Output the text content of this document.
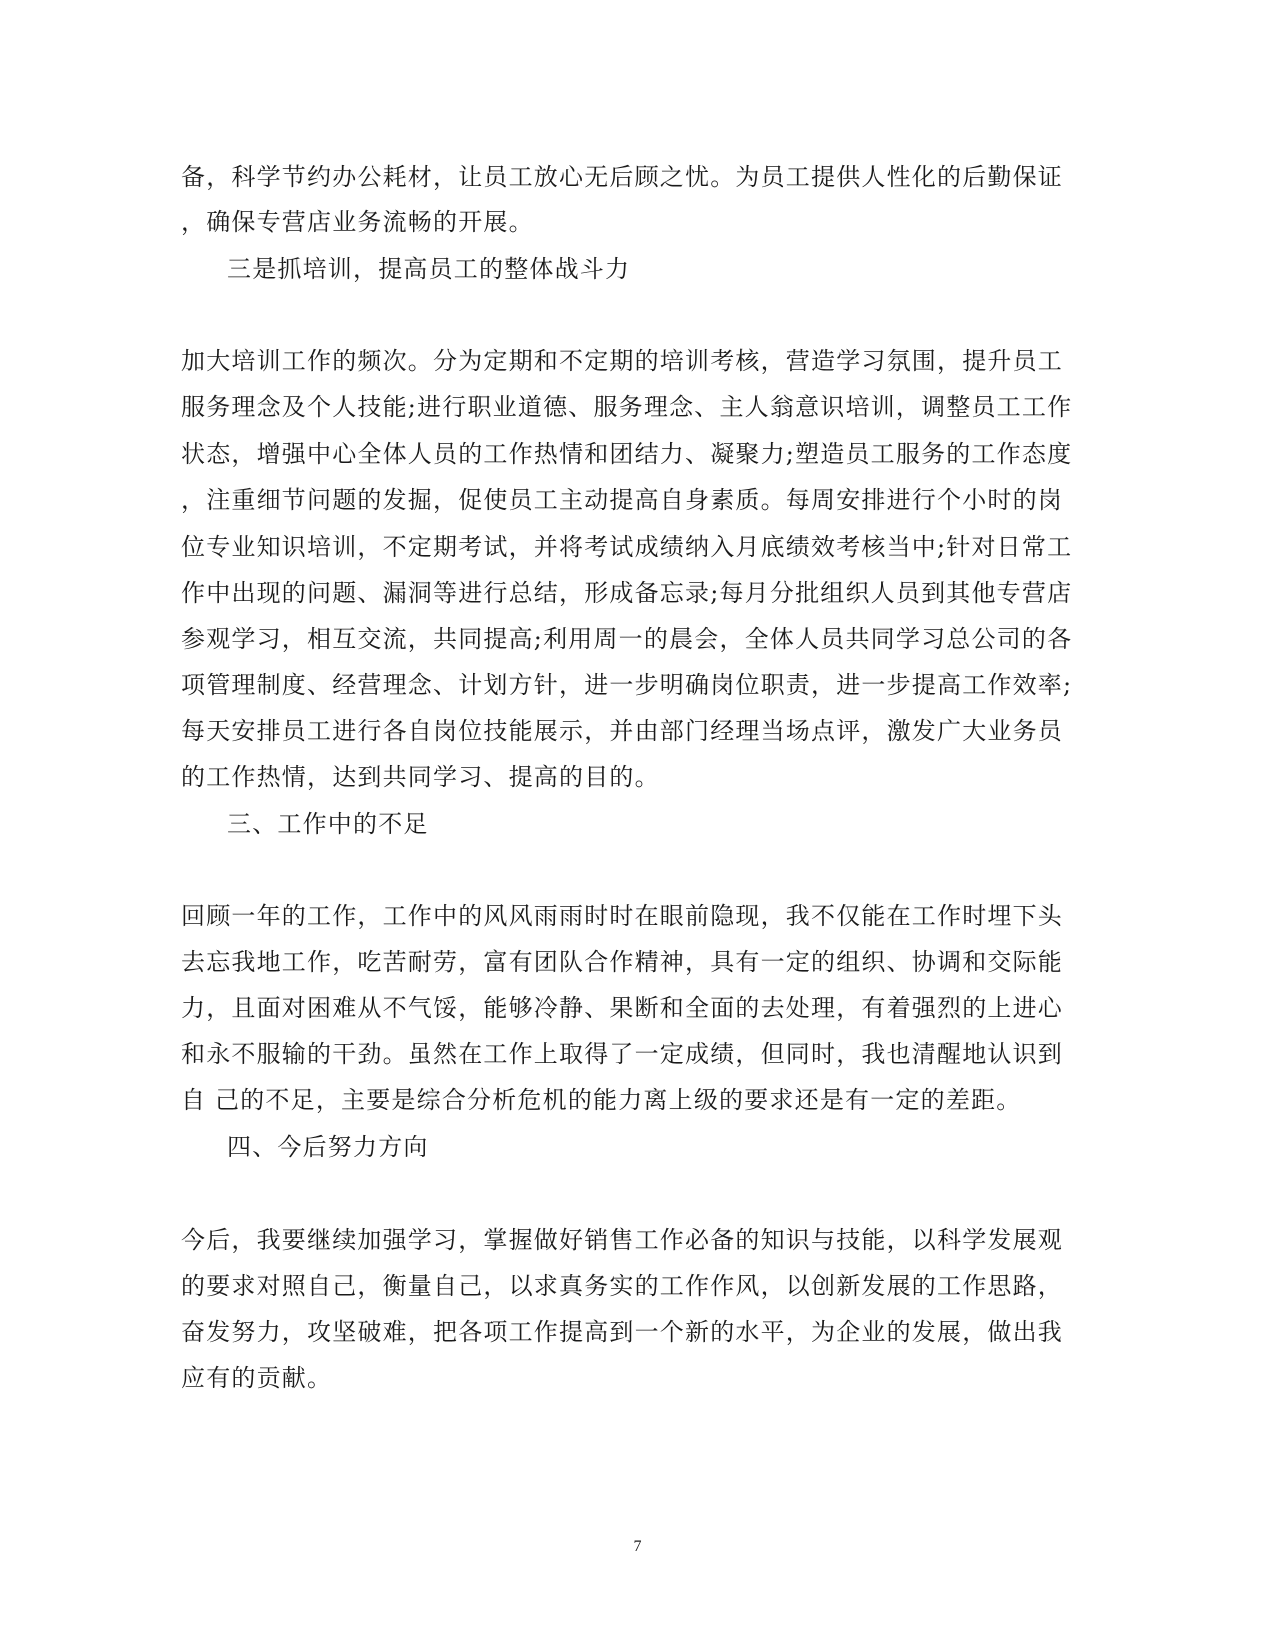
备，科学节约办公耗材，让员工放心无后顾之忧。为员工提供人性化的后勤保证
，确保专营店业务流畅的开展。
三是抓培训，提高员工的整体战斗力
加大培训工作的频次。分为定期和不定期的培训考核，营造学习氛围，提升员工
服务理念及个人技能;进行职业道德、服务理念、主人翁意识培训，调整员工工作
状态，增强中心全体人员的工作热情和团结力、凝聚力;塑造员工服务的工作态度
，注重细节问题的发掘，促使员工主动提高自身素质。每周安排进行个小时的岗
位专业知识培训，不定期考试，并将考试成绩纳入月底绩效考核当中;针对日常工
作中出现的问题、漏洞等进行总结，形成备忘录;每月分批组织人员到其他专营店
参观学习，相互交流，共同提高;利用周一的晨会，全体人员共同学习总公司的各
项管理制度、经营理念、计划方针，进一步明确岗位职责，进一步提高工作效率;
每天安排员工进行各自岗位技能展示，并由部门经理当场点评，激发广大业务员
的工作热情，达到共同学习、提高的目的。
三、工作中的不足
回顾一年的工作，工作中的风风雨雨时时在眼前隐现，我不仅能在工作时埋下头
去忘我地工作，吃苦耐劳，富有团队合作精神，具有一定的组织、协调和交际能
力，且面对困难从不气馁，能够冷静、果断和全面的去处理，有着强烈的上进心
和永不服输的干劲。虽然在工作上取得了一定成绩，但同时，我也清醒地认识到
自 己的不足，主要是综合分析危机的能力离上级的要求还是有一定的差距。
四、今后努力方向
今后，我要继续加强学习，掌握做好销售工作必备的知识与技能，以科学发展观
的要求对照自己，衡量自己，以求真务实的工作作风，以创新发展的工作思路，
奋发努力，攻坚破难，把各项工作提高到一个新的水平，为企业的发展，做出我
应有的贡献。
7
